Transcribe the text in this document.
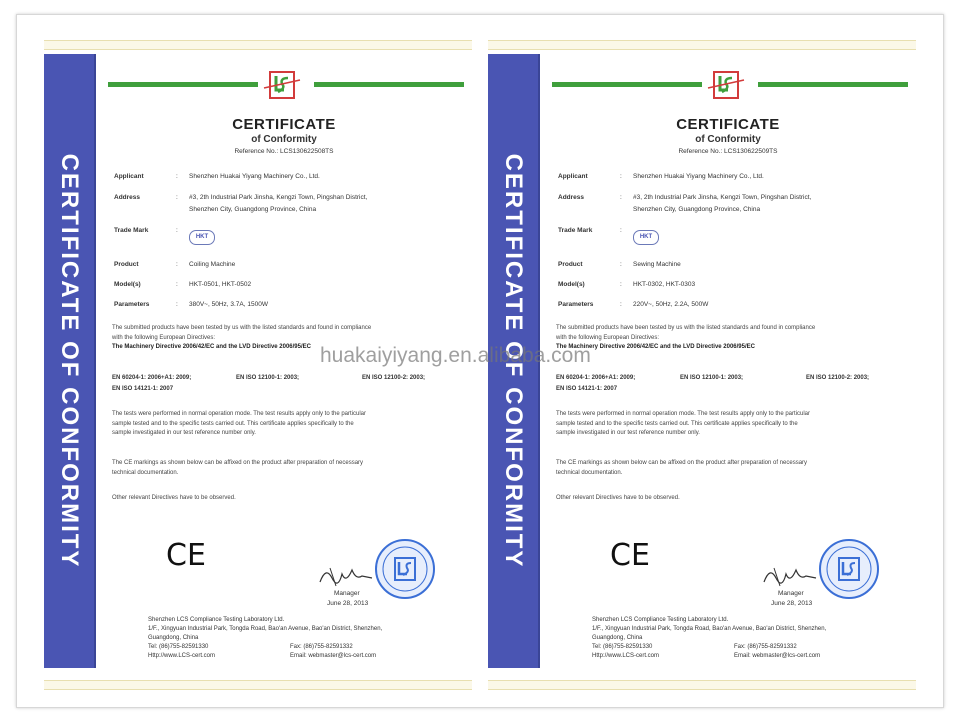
CERTIFICATE OF CONFORMITY
CERTIFICATE
of Conformity
Reference No.: LCS130622508TS
Applicant	: Shenzhen Huakai Yiyang Machinery Co., Ltd.
Address	: #3, 2th Industrial Park Jinsha, Kengzi Town, Pingshan District,
Shenzhen City, Guangdong Province, China
Trade Mark	:
HKT
Product	: Coiling Machine
Model(s)	: HKT-0501, HKT-0502
Parameters	: 380V~, 50Hz, 3.7A, 1500W
The submitted products have been tested by us with the listed standards and found in compliance
with the following European Directives:
The Machinery Directive 2006/42/EC and the LVD Directive 2006/95/EC
EN 60204-1: 2006+A1: 2009;	EN ISO 12100-1: 2003;	EN ISO 12100-2: 2003;
EN ISO 14121-1: 2007
The tests were performed in normal operation mode. The test results apply only to the particular
sample tested and to the specific tests carried out. This certificate applies specifically to the
sample investigated in our test reference number only.
The CE markings as shown below can be affixed on the product after preparation of necessary
technical documentation.
Other relevant Directives have to be observed.
CE
Manager
June 28, 2013
Shenzhen LCS Compliance Testing Laboratory Ltd.
1/F., Xingyuan Industrial Park, Tongda Road, Bao'an Avenue, Bao'an District, Shenzhen,
Guangdong, China
Tel: (86)755-82591330	Fax: (86)755-82591332
Http://www.LCS-cert.com	Email: webmaster@lcs-cert.com
CERTIFICATE OF CONFORMITY
CERTIFICATE
of Conformity
Reference No.: LCS130622509TS
Applicant	: Shenzhen Huakai Yiyang Machinery Co., Ltd.
Address	: #3, 2th Industrial Park Jinsha, Kengzi Town, Pingshan District,
Shenzhen City, Guangdong Province, China
Trade Mark	:
HKT
Product	: Sewing Machine
Model(s)	: HKT-0302, HKT-0303
Parameters	: 220V~, 50Hz, 2.2A, 500W
The submitted products have been tested by us with the listed standards and found in compliance
with the following European Directives:
The Machinery Directive 2006/42/EC and the LVD Directive 2006/95/EC
EN 60204-1: 2006+A1: 2009;	EN ISO 12100-1: 2003;	EN ISO 12100-2: 2003;
EN ISO 14121-1: 2007
The tests were performed in normal operation mode. The test results apply only to the particular
sample tested and to the specific tests carried out. This certificate applies specifically to the
sample investigated in our test reference number only.
The CE markings as shown below can be affixed on the product after preparation of necessary
technical documentation.
Other relevant Directives have to be observed.
CE
Manager
June 28, 2013
Shenzhen LCS Compliance Testing Laboratory Ltd.
1/F., Xingyuan Industrial Park, Tongda Road, Bao'an Avenue, Bao'an District, Shenzhen,
Guangdong, China
Tel: (86)755-82591330	Fax: (86)755-82591332
Http://www.LCS-cert.com	Email: webmaster@lcs-cert.com
huakaiyiyang.en.alibaba.com
